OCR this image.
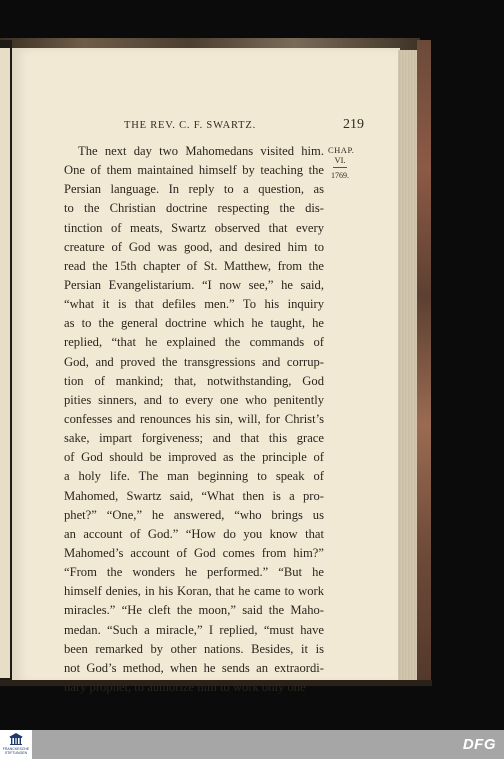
THE REV. C. F. SWARTZ.	219
CHAP.
VI.
1769.
The next day two Mahomedans visited him.
One of them maintained himself by teaching the
Persian language. In reply to a question, as
to the Christian doctrine respecting the dis-
tinction of meats, Swartz observed that every
creature of God was good, and desired him to
read the 15th chapter of St. Matthew, from the
Persian Evangelistarium. “I now see,” he said,
“what it is that defiles men.” To his inquiry
as to the general doctrine which he taught, he
replied, “that he explained the commands of
God, and proved the transgressions and corrup-
tion of mankind; that, notwithstanding, God
pities sinners, and to every one who penitently
confesses and renounces his sin, will, for Christ’s
sake, impart forgiveness; and that this grace
of God should be improved as the principle of
a holy life. The man beginning to speak of
Mahomed, Swartz said, “What then is a pro-
phet?” “One,” he answered, “who brings us
an account of God.” “How do you know that
Mahomed’s account of God comes from him?”
“From the wonders he performed.” “But he
himself denies, in his Koran, that he came to work
miracles.” “He cleft the moon,” said the Maho-
medan. “Such a miracle,” I replied, “must have
been remarked by other nations. Besides, it is
not God’s method, when he sends an extraordi-
nary prophet, to authorize him to work only one
FRANCKESCHE STIFTUNGEN	DFG
